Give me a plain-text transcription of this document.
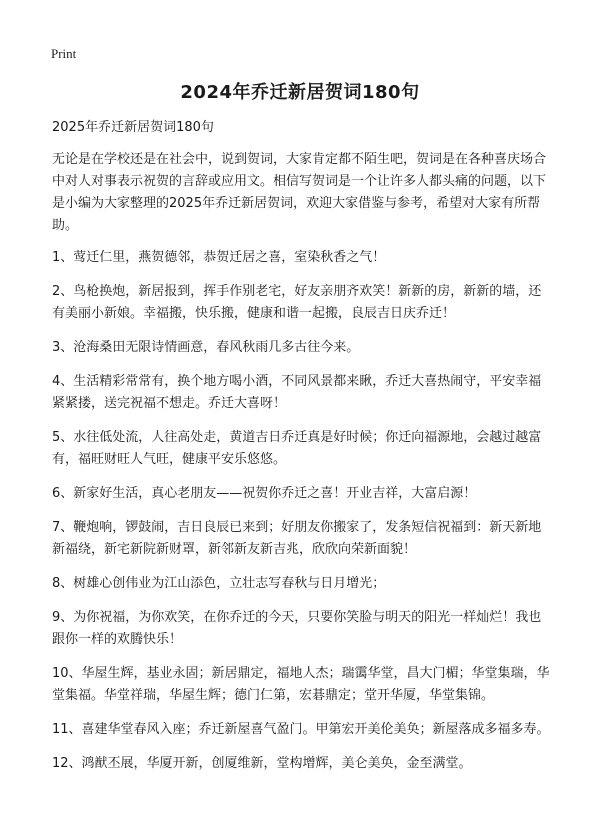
Print
2024年乔迁新居贺词180句

2025年乔迁新居贺词180句

无论是在学校还是在社会中，说到贺词，大家肯定都不陌生吧，贺词是在各种喜庆场合中对人对事表示祝贺的言辞或应用文。相信写贺词是一个让许多人都头痛的问题，以下是小编为大家整理的2025年乔迁新居贺词，欢迎大家借鉴与参考，希望对大家有所帮助。

1、莺迁仁里，燕贺德邻，恭贺迁居之喜，室染秋香之气！
2、鸟枪换炮，新居报到，挥手作别老宅，好友亲朋齐欢笑！新新的房，新新的墙，还有美丽小新娘。幸福搬，快乐搬，健康和谐一起搬，良辰吉日庆乔迁！
3、沧海桑田无限诗情画意，春风秋雨几多古往今来。
4、生活精彩常常有，换个地方喝小酒，不同风景都来瞅，乔迁大喜热闹守，平安幸福紧紧搂，送完祝福不想走。乔迁大喜呀！
5、水往低处流，人往高处走，黄道吉日乔迁真是好时候；你迁向福源地，会越过越富有，福旺财旺人气旺，健康平安乐悠悠。
6、新家好生活，真心老朋友——祝贺你乔迁之喜！开业吉祥，大富启源！
7、鞭炮响，锣鼓闹，吉日良辰已来到；好朋友你搬家了，发条短信祝福到：新天新地新福绕，新宅新院新财罩，新邻新友新吉兆，欣欣向荣新面貌！
8、树雄心创伟业为江山添色，立壮志写春秋与日月增光；
9、为你祝福，为你欢笑，在你乔迁的今天，只要你笑脸与明天的阳光一样灿烂！我也跟你一样的欢腾快乐！
10、华屋生辉，基业永固；新居鼎定，福地人杰；瑞霭华堂，昌大门楣；华堂集瑞，华堂集福。华堂祥瑞，华屋生辉；德门仁第，宏碁鼎定；堂开华厦，华堂集锦。
11、喜建华堂春风入座；乔迁新屋喜气盈门。甲第宏开美伦美奂；新屋落成多福多寿。
12、鸿猷丕展，华厦开新，创厦维新，堂构增辉，美仑美奂，金至满堂。
